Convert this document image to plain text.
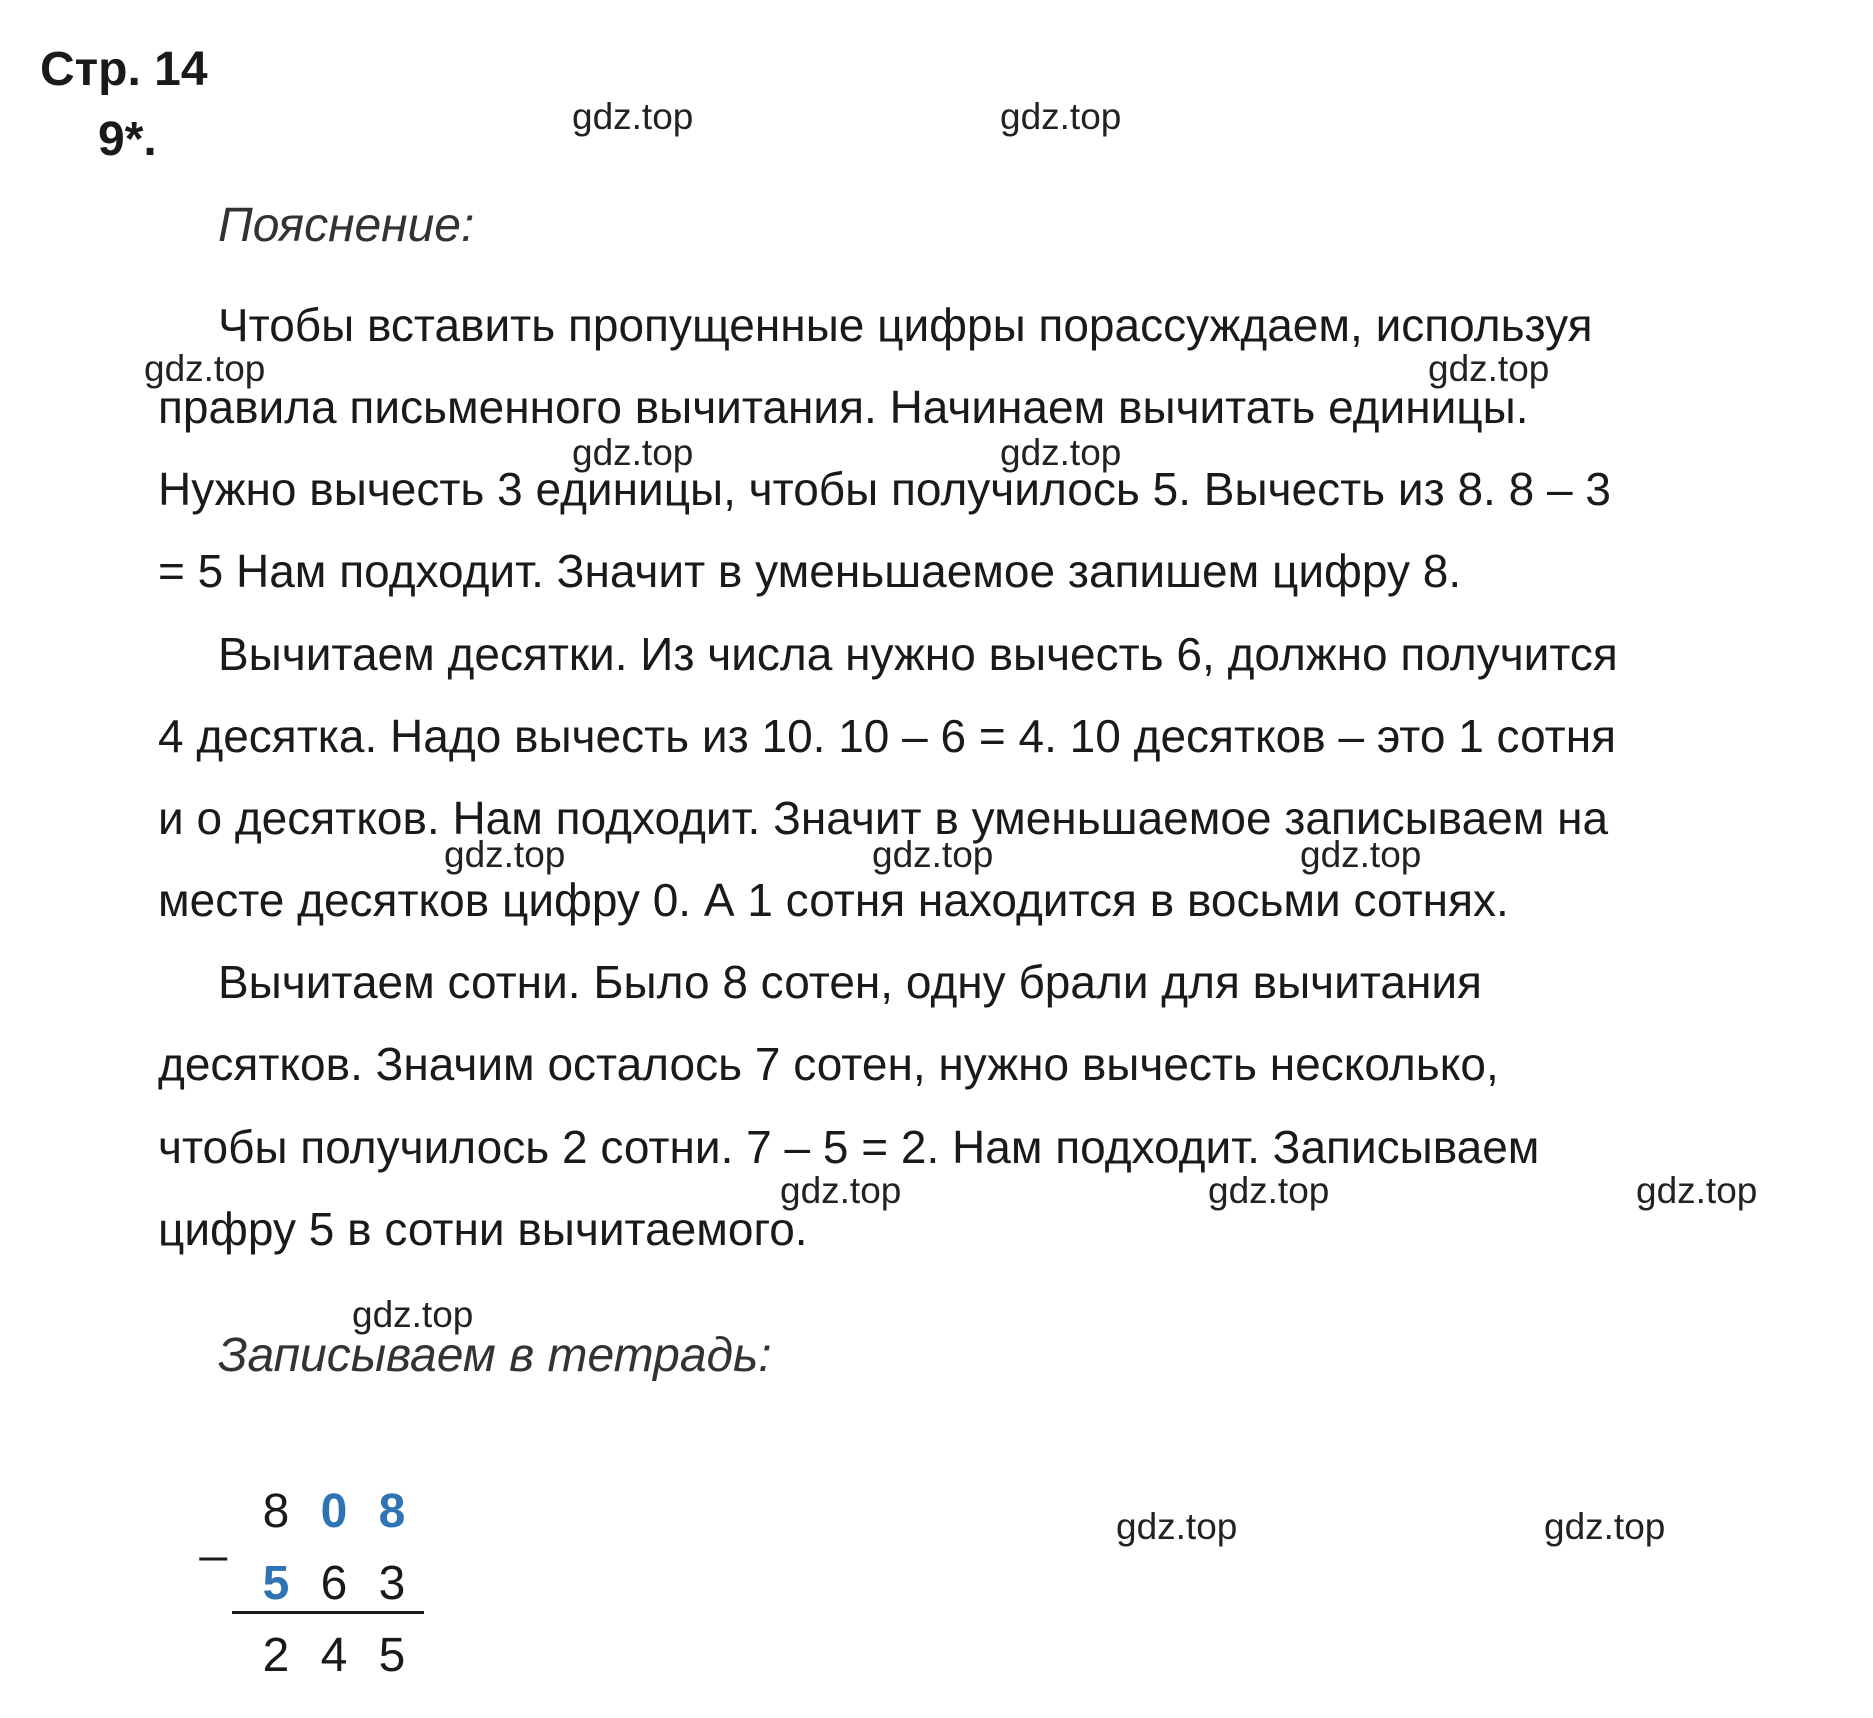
Стр. 14
9*.
Пояснение:
Чтобы вставить пропущенные цифры порассуждаем, используя
правила письменного вычитания. Начинаем вычитать единицы.
Нужно вычесть 3 единицы, чтобы получилось 5. Вычесть из 8. 8 – 3
= 5 Нам подходит. Значит в уменьшаемое запишем цифру 8.
Вычитаем десятки. Из числа нужно вычесть 6, должно получится
4 десятка. Надо вычесть из 10. 10 – 6 = 4. 10 десятков – это 1 сотня
и о десятков. Нам подходит. Значит в уменьшаемое записываем на
месте десятков цифру 0. А 1 сотня находится в восьми сотнях.
Вычитаем сотни. Было 8 сотен, одну брали для вычитания
десятков. Значим осталось 7 сотен, нужно вычесть несколько,
чтобы получилось 2 сотни. 7 – 5 = 2. Нам подходит. Записываем
цифру 5 в сотни вычитаемого.
Записываем в тетрадь:
_ 8 0 8
5 6 3
2 4 5
gdz.top	gdz.top
gdz.top	gdz.top
gdz.top	gdz.top
gdz.top	gdz.top	gdz.top
gdz.top	gdz.top	gdz.top
gdz.top
gdz.top	gdz.top
